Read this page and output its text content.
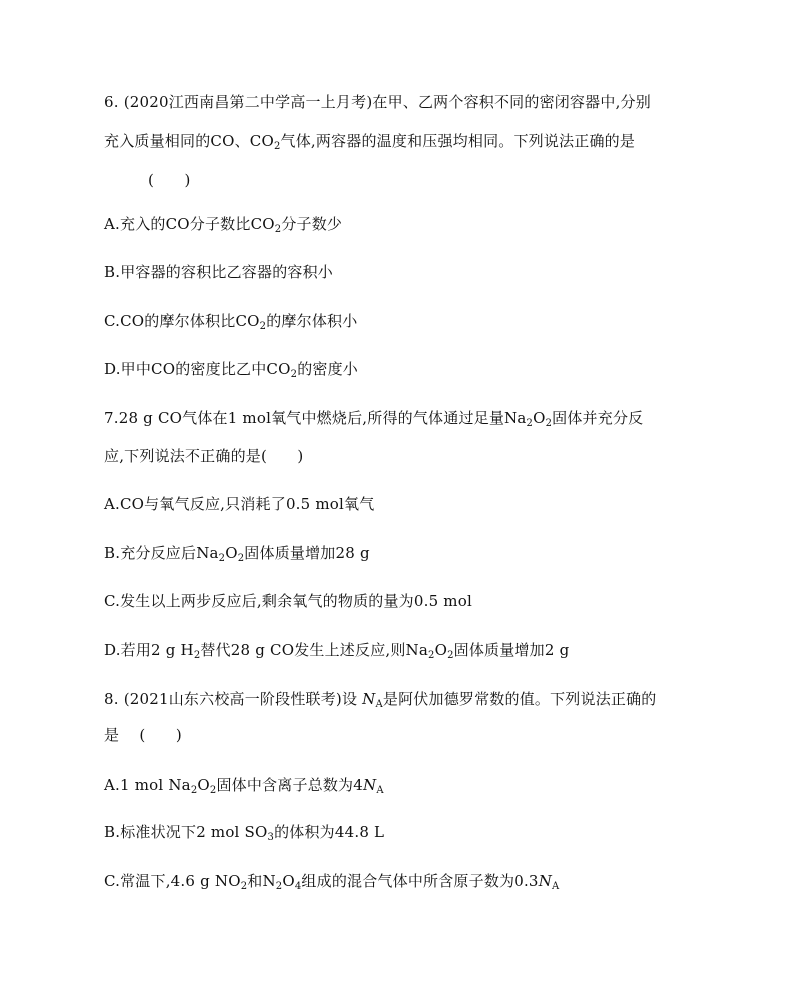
6. (2020江西南昌第二中学高一上月考)在甲、乙两个容积不同的密闭容器中,分别
充入质量相同的CO、$CO_2$气体,两容器的温度和压强均相同。下列说法正确的是
(　　)
A.充入的CO分子数比$CO_2$分子数少
B.甲容器的容积比乙容器的容积小
C.CO的摩尔体积比$CO_2$的摩尔体积小
D.甲中CO的密度比乙中$CO_2$的密度小
7.28 g CO气体在1 mol氧气中燃烧后,所得的气体通过足量$Na_2O_2$固体并充分反
应,下列说法不正确的是(　　)
A.CO与氧气反应,只消耗了0.5 mol氧气
B.充分反应后$Na_2O_2$固体质量增加28 g
C.发生以上两步反应后,剩余氧气的物质的量为0.5 mol
D.若用2 g $H_2$替代28 g CO发生上述反应,则$Na_2O_2$固体质量增加2 g
8. (2021山东六校高一阶段性联考)设 $N_A$是阿伏加德罗常数的值。下列说法正确的
是　 (　　)
A.1 mol $Na_2O_2$固体中含离子总数为$4N_A$
B.标准状况下2 mol $SO_3$的体积为44.8 L
C.常温下,4.6 g $NO_2$和$N_2O_4$组成的混合气体中所含原子数为$0.3N_A$
